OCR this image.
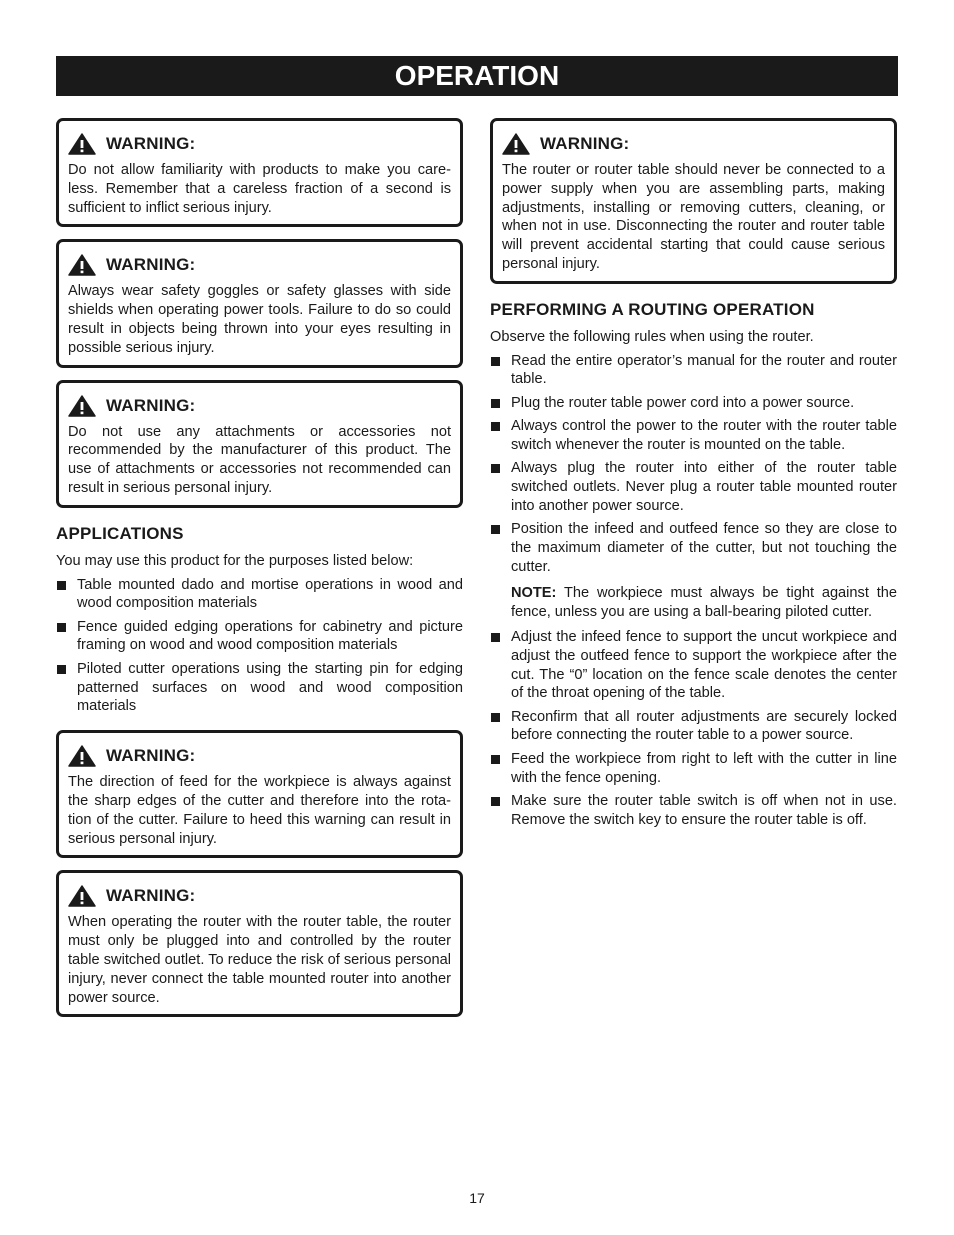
OPERATION
WARNING:
Do not allow familiarity with products to make you care- less. Remember that a careless fraction of a second is sufficient to inflict serious injury.
WARNING:
Always wear safety goggles or safety glasses with side shields when operating power tools. Failure to do so could result in objects being thrown into your eyes resulting in possible serious injury.
WARNING:
Do not use any attachments or accessories not recommended by the manufacturer of this product. The use of attachments or accessories not recommended can result in serious personal injury.
APPLICATIONS

You may use this product for the purposes listed below:

Table mounted dado and mortise operations in wood and wood composition materials
Fence guided edging operations for cabinetry and picture framing on wood and wood composition materials
Piloted cutter operations using the starting pin for edging patterned surfaces on wood and wood composition materials
WARNING:
The direction of feed for the workpiece is always against the sharp edges of the cutter and therefore into the rota- tion of the cutter. Failure to heed this warning can result in serious personal injury.
WARNING:
When operating the router with the router table, the router must only be plugged into and controlled by the router table switched outlet. To reduce the risk of serious personal injury, never connect the table mounted router into another power source.
WARNING:
The router or router table should never be connected to a power supply when you are assembling parts, making adjustments, installing or removing cutters, cleaning, or when not in use. Disconnecting the router and router table will prevent accidental starting that could cause serious personal injury.
PERFORMING A ROUTING OPERATION

Observe the following rules when using the router.

Read the entire operator’s manual for the router and router table.
Plug the router table power cord into a power source.
Always control the power to the router with the router table switch whenever the router is mounted on the table.
Always plug the router into either of the router table switched outlets. Never plug a router table mounted router into another power source.
Position the infeed and outfeed fence so they are close to the maximum diameter of the cutter, but not touching the cutter.
NOTE: The workpiece must always be tight against the fence, unless you are using a ball-bearing piloted cutter.
Adjust the infeed fence to support the uncut workpiece and adjust the outfeed fence to support the workpiece after the cut. The “0” location on the fence scale denotes the center of the throat opening of the table.
Reconfirm that all router adjustments are securely locked before connecting the router table to a power source.
Feed the workpiece from right to left with the cutter in line with the fence opening.
Make sure the router table switch is off when not in use. Remove the switch key to ensure the router table is off.
17
